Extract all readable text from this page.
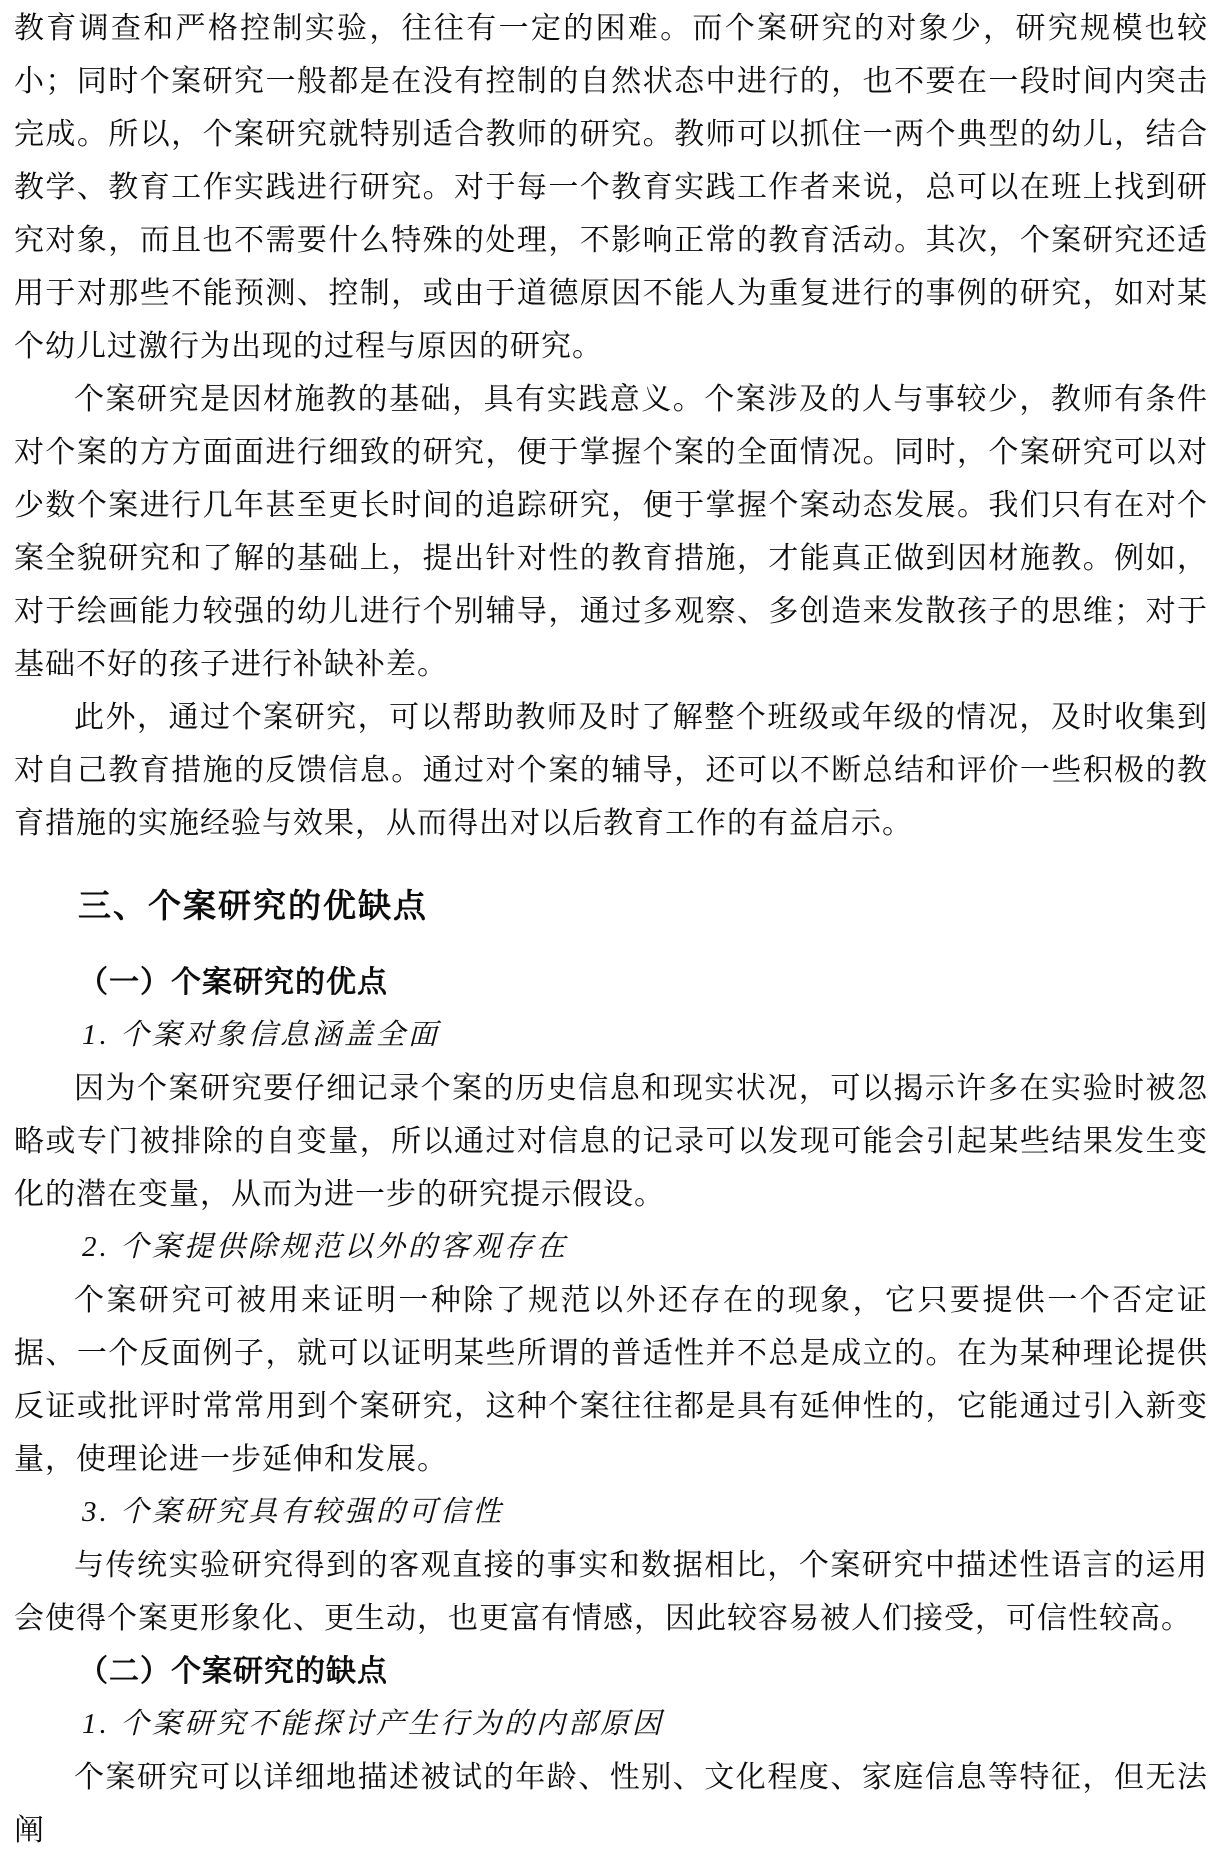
教育调查和严格控制实验，往往有一定的困难。而个案研究的对象少，研究规模也较小；同时个案研究一般都是在没有控制的自然状态中进行的，也不要在一段时间内突击完成。所以，个案研究就特别适合教师的研究。教师可以抓住一两个典型的幼儿，结合教学、教育工作实践进行研究。对于每一个教育实践工作者来说，总可以在班上找到研究对象，而且也不需要什么特殊的处理，不影响正常的教育活动。其次，个案研究还适用于对那些不能预测、控制，或由于道德原因不能人为重复进行的事例的研究，如对某个幼儿过激行为出现的过程与原因的研究。

个案研究是因材施教的基础，具有实践意义。个案涉及的人与事较少，教师有条件对个案的方方面面进行细致的研究，便于掌握个案的全面情况。同时，个案研究可以对少数个案进行几年甚至更长时间的追踪研究，便于掌握个案动态发展。我们只有在对个案全貌研究和了解的基础上，提出针对性的教育措施，才能真正做到因材施教。例如，对于绘画能力较强的幼儿进行个别辅导，通过多观察、多创造来发散孩子的思维；对于基础不好的孩子进行补缺补差。

此外，通过个案研究，可以帮助教师及时了解整个班级或年级的情况，及时收集到对自己教育措施的反馈信息。通过对个案的辅导，还可以不断总结和评价一些积极的教育措施的实施经验与效果，从而得出对以后教育工作的有益启示。

三、个案研究的优缺点
（一）个案研究的优点

1. 个案对象信息涵盖全面

因为个案研究要仔细记录个案的历史信息和现实状况，可以揭示许多在实验时被忽略或专门被排除的自变量，所以通过对信息的记录可以发现可能会引起某些结果发生变化的潜在变量，从而为进一步的研究提示假设。

2. 个案提供除规范以外的客观存在

个案研究可被用来证明一种除了规范以外还存在的现象，它只要提供一个否定证据、一个反面例子，就可以证明某些所谓的普适性并不总是成立的。在为某种理论提供反证或批评时常常用到个案研究，这种个案往往都是具有延伸性的，它能通过引入新变量，使理论进一步延伸和发展。

3. 个案研究具有较强的可信性

与传统实验研究得到的客观直接的事实和数据相比，个案研究中描述性语言的运用会使得个案更形象化、更生动，也更富有情感，因此较容易被人们接受，可信性较高。

（二）个案研究的缺点

1. 个案研究不能探讨产生行为的内部原因

个案研究可以详细地描述被试的年龄、性别、文化程度、家庭信息等特征，但无法阐
